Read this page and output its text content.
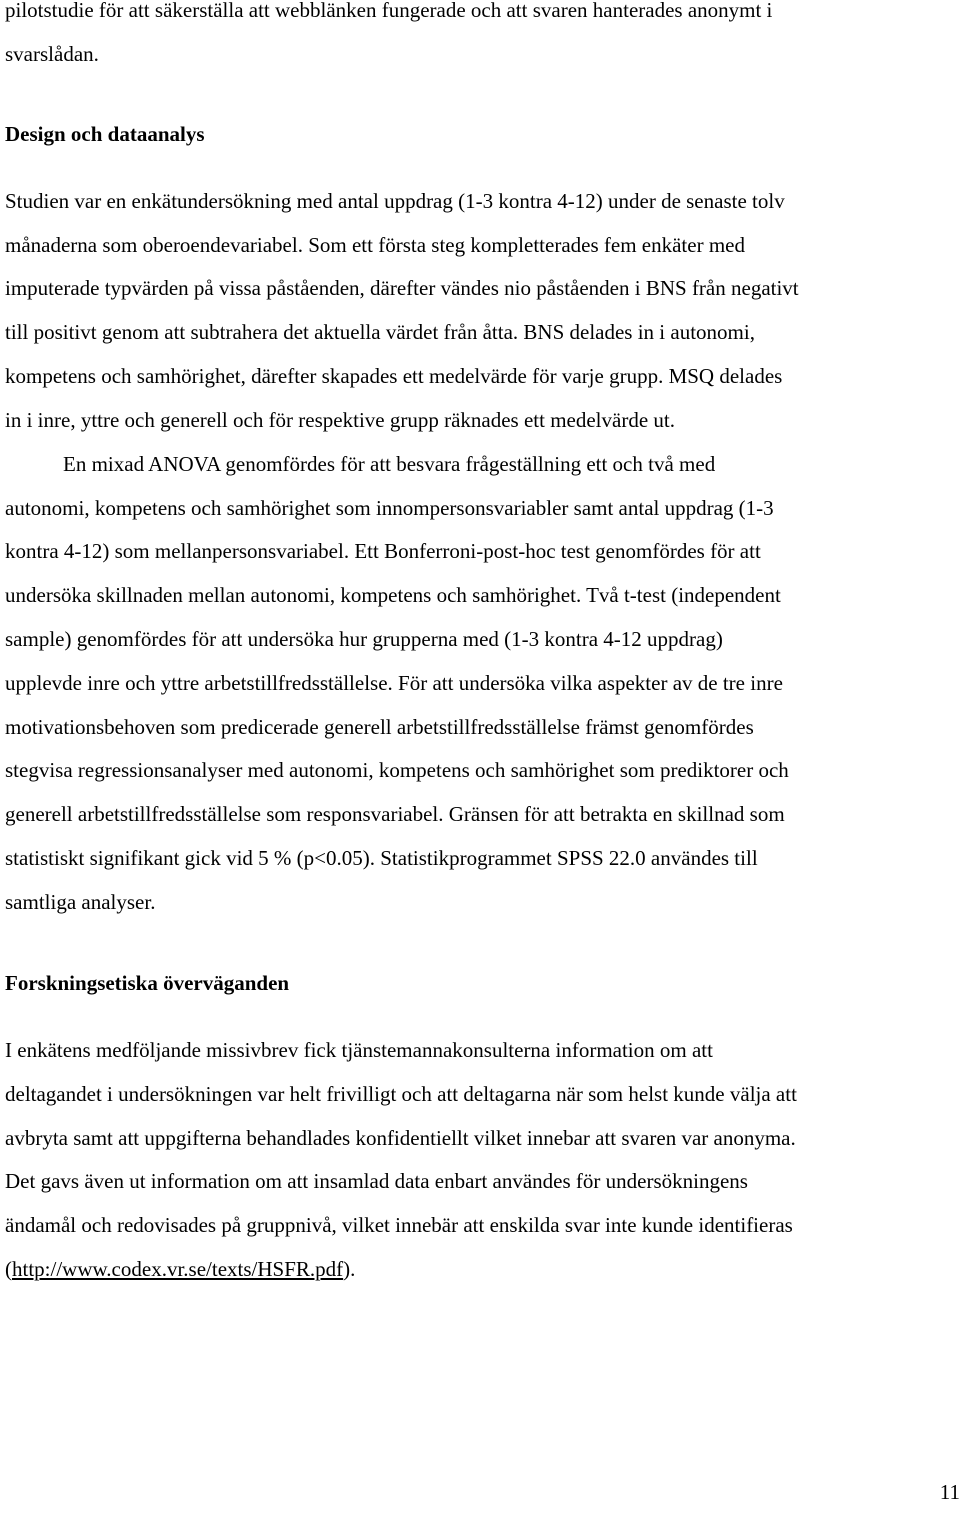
pilotstudie för att säkerställa att webblänken fungerade och att svaren hanterades anonymt i

svarslådan.

Design och dataanalys

Studien var en enkätundersökning med antal uppdrag (1-3 kontra 4-12) under de senaste tolv

månaderna som oberoendevariabel. Som ett första steg kompletterades fem enkäter med

imputerade typvärden på vissa påståenden, därefter vändes nio påståenden i BNS från negativt

till positivt genom att subtrahera det aktuella värdet från åtta. BNS delades in i autonomi,

kompetens och samhörighet, därefter skapades ett medelvärde för varje grupp. MSQ delades

in i inre, yttre och generell och för respektive grupp räknades ett medelvärde ut.

En mixad ANOVA genomfördes för att besvara frågeställning ett och två med

autonomi, kompetens och samhörighet som innompersonsvariabler samt antal uppdrag (1-3

kontra 4-12) som mellanpersonsvariabel. Ett Bonferroni-post-hoc test genomfördes för att

undersöka skillnaden mellan autonomi, kompetens och samhörighet. Två t-test (independent

sample) genomfördes för att undersöka hur grupperna med (1-3 kontra 4-12 uppdrag)

upplevde inre och yttre arbetstillfredsställelse. För att undersöka vilka aspekter av de tre inre

motivationsbehoven som predicerade generell arbetstillfredsställelse främst genomfördes

stegvisa regressionsanalyser med autonomi, kompetens och samhörighet som prediktorer och

generell arbetstillfredsställelse som responsvariabel. Gränsen för att betrakta en skillnad som

statistiskt signifikant gick vid 5 % (p<0.05). Statistikprogrammet SPSS 22.0 användes till

samtliga analyser.

Forskningsetiska överväganden

I enkätens medföljande missivbrev fick tjänstemannakonsulterna information om att

deltagandet i undersökningen var helt frivilligt och att deltagarna när som helst kunde välja att

avbryta samt att uppgifterna behandlades konfidentiellt vilket innebar att svaren var anonyma.

Det gavs även ut information om att insamlad data enbart användes för undersökningens

ändamål och redovisades på gruppnivå, vilket innebär att enskilda svar inte kunde identifieras

(http://www.codex.vr.se/texts/HSFR.pdf).

11
